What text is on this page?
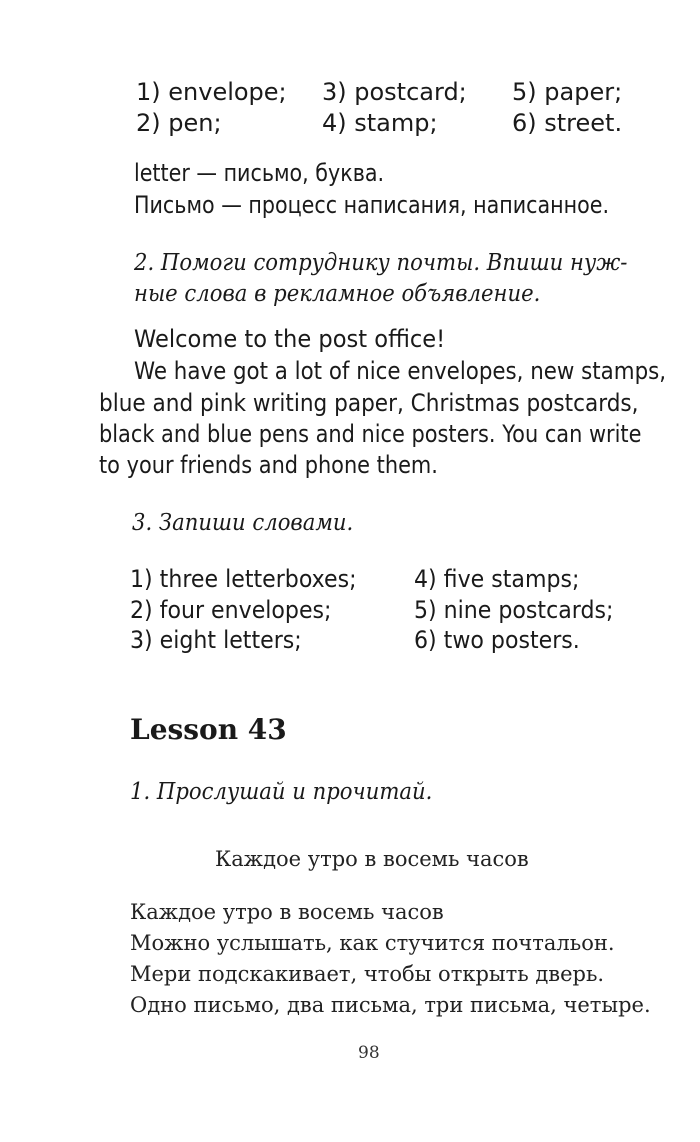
1) envelope;
2) pen;
3) postcard;
4) stamp;
5) paper;
6) street.
letter — письмо, буква.
Письмо — процесс написания, написанное.
2. Помоги сотруднику почты. Впиши нуж-
ные слова в рекламное объявление.
Welcome to the post office!
We have got a lot of nice envelopes, new stamps,
blue and pink writing paper, Christmas postcards,
black and blue pens and nice posters. You can write
to your friends and phone them.
3. Запиши словами.
1) three letterboxes;
2) four envelopes;
3) eight letters;
4) five stamps;
5) nine postcards;
6) two posters.
Lesson 43
1. Прослушай и прочитай.
Каждое утро в восемь часов
Каждое утро в восемь часов
Можно услышать, как стучится почтальон.
Мери подскакивает, чтобы открыть дверь.
Одно письмо, два письма, три письма, четыре.
98
